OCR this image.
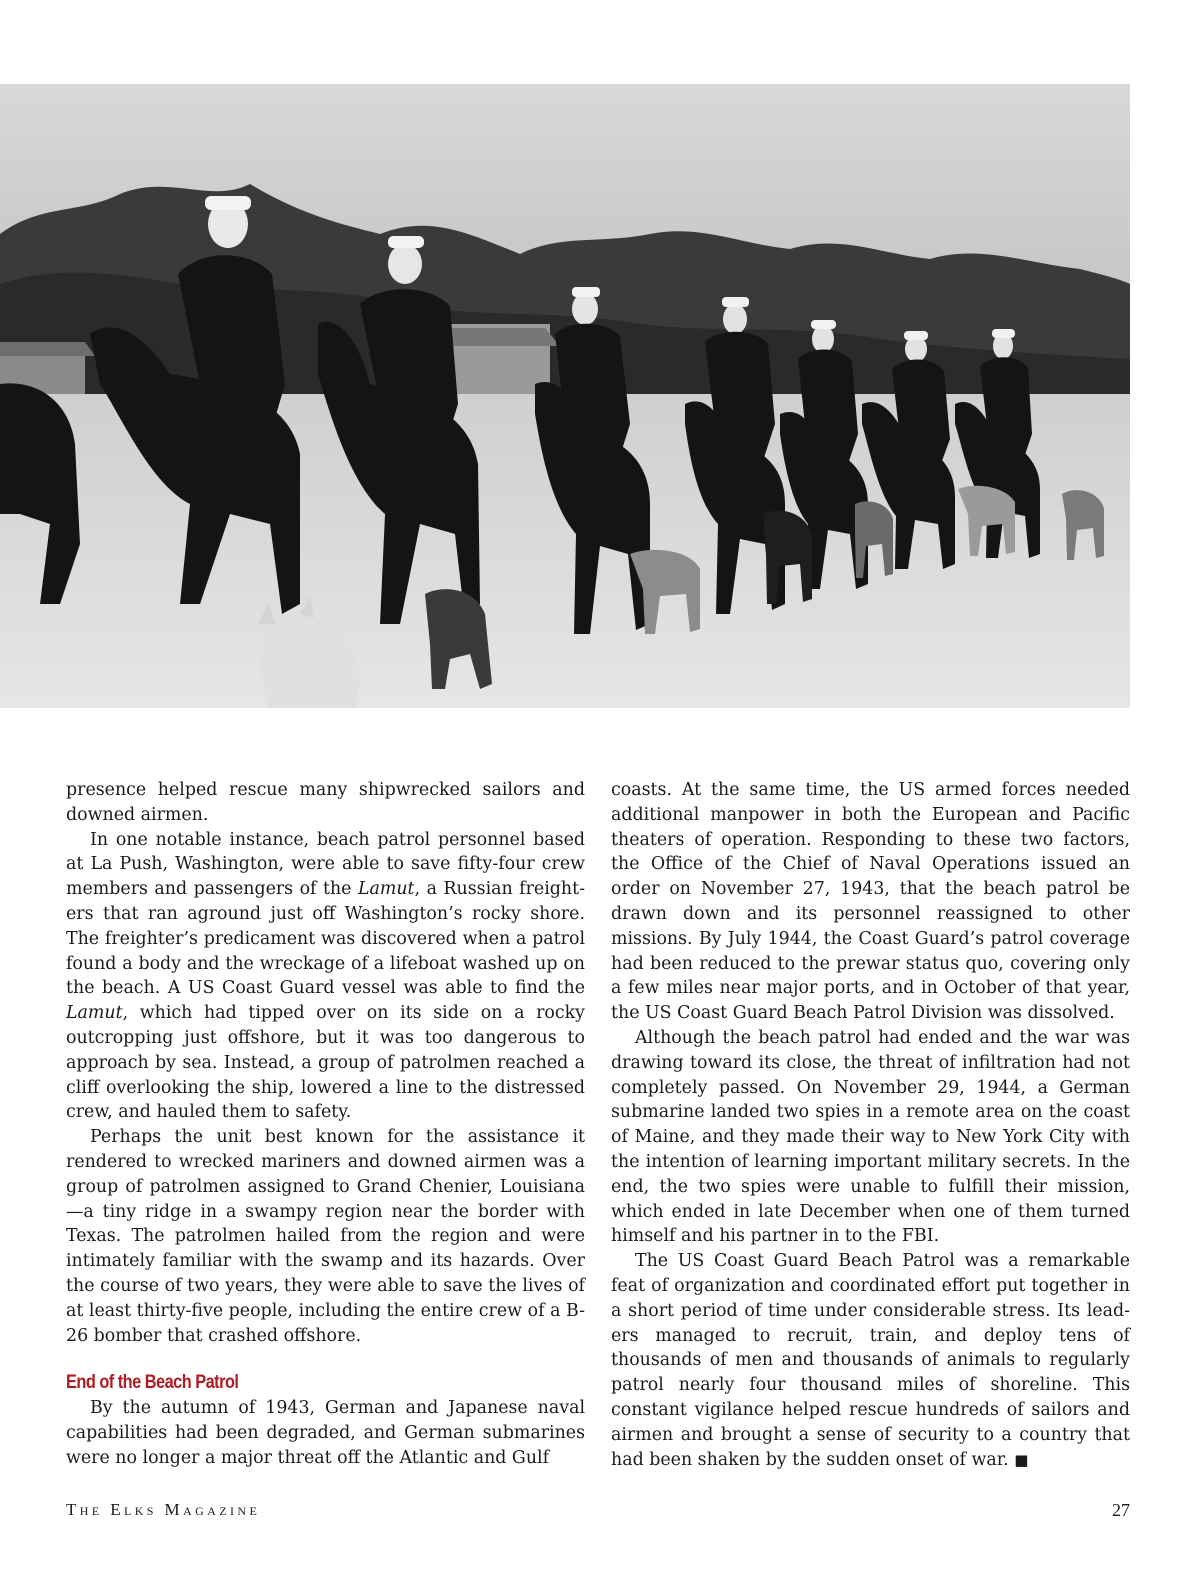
presence helped rescue many shipwrecked sailors and downed airmen.

In one notable instance, beach patrol personnel based at La Push, Washington, were able to save fifty-four crew members and passengers of the Lamut, a Russian freighters that ran aground just off Washington’s rocky shore. The freighter’s predicament was discovered when a patrol found a body and the wreckage of a lifeboat washed up on the beach. A US Coast Guard vessel was able to find the Lamut, which had tipped over on its side on a rocky outcropping just offshore, but it was too dangerous to approach by sea. Instead, a group of patrolmen reached a cliff overlooking the ship, lowered a line to the distressed crew, and hauled them to safety.

Perhaps the unit best known for the assistance it rendered to wrecked mariners and downed airmen was a group of patrolmen assigned to Grand Chenier, Louisiana—a tiny ridge in a swampy region near the border with Texas. The patrolmen hailed from the region and were intimately familiar with the swamp and its hazards. Over the course of two years, they were able to save the lives of at least thirty-five people, including the entire crew of a B-26 bomber that crashed offshore.

End of the Beach Patrol

By the autumn of 1943, German and Japanese naval capabilities had been degraded, and German submarines were no longer a major threat off the Atlantic and Gulf

coasts. At the same time, the US armed forces needed additional manpower in both the European and Pacific theaters of operation. Responding to these two factors, the Office of the Chief of Naval Operations issued an order on November 27, 1943, that the beach patrol be drawn down and its personnel reassigned to other missions. By July 1944, the Coast Guard’s patrol coverage had been reduced to the prewar status quo, covering only a few miles near major ports, and in October of that year, the US Coast Guard Beach Patrol Division was dissolved.

Although the beach patrol had ended and the war was drawing toward its close, the threat of infiltration had not completely passed. On November 29, 1944, a German submarine landed two spies in a remote area on the coast of Maine, and they made their way to New York City with the intention of learning important military secrets. In the end, the two spies were unable to fulfill their mission, which ended in late December when one of them turned himself and his partner in to the FBI.

The US Coast Guard Beach Patrol was a remarkable feat of organization and coordinated effort put together in a short period of time under considerable stress. Its leaders managed to recruit, train, and deploy tens of thousands of men and thousands of animals to regularly patrol nearly four thousand miles of shoreline. This constant vigilance helped rescue hundreds of sailors and airmen and brought a sense of security to a country that had been shaken by the sudden onset of war. ■

The Elks Magazine	27
